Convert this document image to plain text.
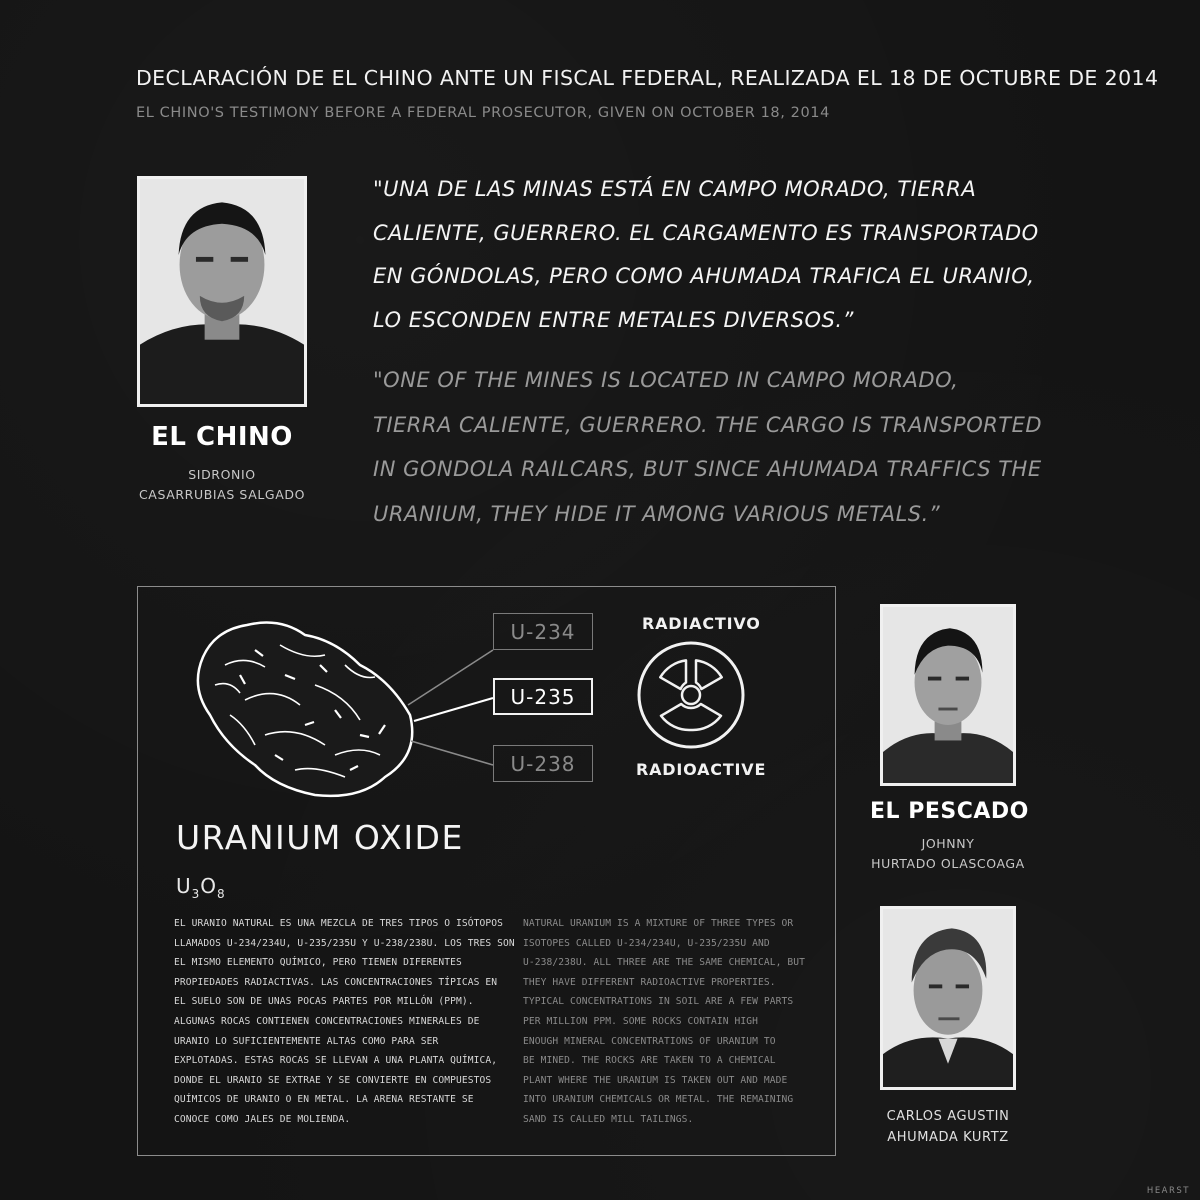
DECLARACIÓN DE EL CHINO ANTE UN FISCAL FEDERAL, REALIZADA EL 18 DE OCTUBRE DE 2014
EL CHINO'S TESTIMONY BEFORE A FEDERAL PROSECUTOR, GIVEN ON OCTOBER 18, 2014
EL CHINO
SIDRONIO
CASARRUBIAS SALGADO
"UNA DE LAS MINAS ESTÁ EN CAMPO MORADO, TIERRA
CALIENTE, GUERRERO. EL CARGAMENTO ES TRANSPORTADO
EN GÓNDOLAS, PERO COMO AHUMADA TRAFICA EL URANIO,
LO ESCONDEN ENTRE METALES DIVERSOS.”
"ONE OF THE MINES IS LOCATED IN CAMPO MORADO,
TIERRA CALIENTE, GUERRERO. THE CARGO IS TRANSPORTED
IN GONDOLA RAILCARS, BUT SINCE AHUMADA TRAFFICS THE
URANIUM, THEY HIDE IT AMONG VARIOUS METALS.”
U-234
U-235
U-238
RADIACTIVO
RADIOACTIVE
URANIUM OXIDE
$U_3O_8$
EL URANIO NATURAL ES UNA MEZCLA DE TRES TIPOS O ISÓTOPOS
LLAMADOS U-234/234U, U-235/235U Y U-238/238U. LOS TRES SON
EL MISMO ELEMENTO QUÍMICO, PERO TIENEN DIFERENTES
PROPIEDADES RADIACTIVAS. LAS CONCENTRACIONES TÍPICAS EN
EL SUELO SON DE UNAS POCAS PARTES POR MILLÓN (PPM).
ALGUNAS ROCAS CONTIENEN CONCENTRACIONES MINERALES DE
URANIO LO SUFICIENTEMENTE ALTAS COMO PARA SER
EXPLOTADAS. ESTAS ROCAS SE LLEVAN A UNA PLANTA QUÍMICA,
DONDE EL URANIO SE EXTRAE Y SE CONVIERTE EN COMPUESTOS
QUÍMICOS DE URANIO O EN METAL. LA ARENA RESTANTE SE
CONOCE COMO JALES DE MOLIENDA.
NATURAL URANIUM IS A MIXTURE OF THREE TYPES OR
ISOTOPES CALLED U-234/234U, U-235/235U AND
U-238/238U. ALL THREE ARE THE SAME CHEMICAL, BUT
THEY HAVE DIFFERENT RADIOACTIVE PROPERTIES.
TYPICAL CONCENTRATIONS IN SOIL ARE A FEW PARTS
PER MILLION PPM. SOME ROCKS CONTAIN HIGH
ENOUGH MINERAL CONCENTRATIONS OF URANIUM TO
BE MINED. THE ROCKS ARE TAKEN TO A CHEMICAL
PLANT WHERE THE URANIUM IS TAKEN OUT AND MADE
INTO URANIUM CHEMICALS OR METAL. THE REMAINING
SAND IS CALLED MILL TAILINGS.
EL PESCADO
JOHNNY
HURTADO OLASCOAGA
CARLOS AGUSTIN
AHUMADA KURTZ
HEARST
